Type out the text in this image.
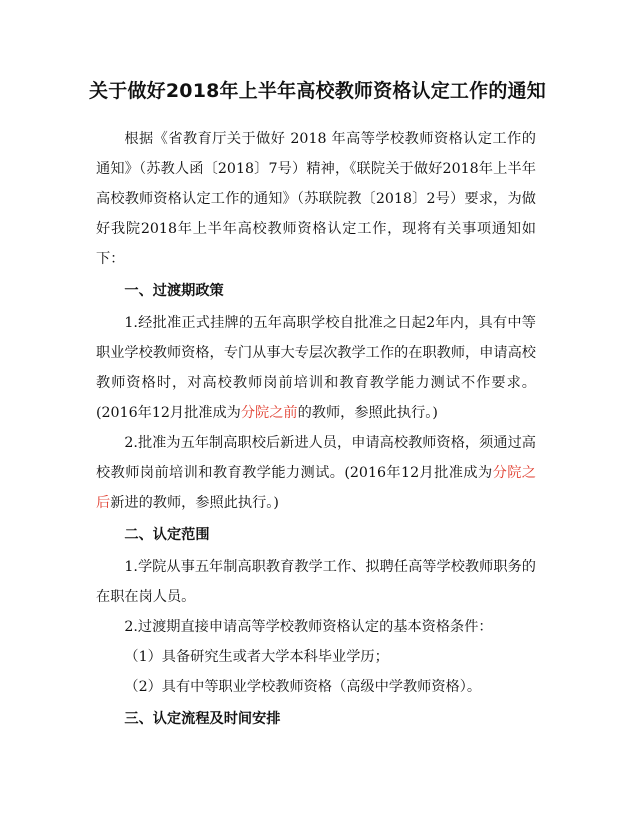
关于做好2018年上半年高校教师资格认定工作的通知

根据《省教育厅关于做好 2018 年高等学校教师资格认定工作的通知》（苏教人函〔2018〕7号）精神，《联院关于做好2018年上半年高校教师资格认定工作的通知》（苏联院教〔2018〕2号）要求，为做好我院2018年上半年高校教师资格认定工作，现将有关事项通知如下：

一、过渡期政策

1.经批准正式挂牌的五年高职学校自批准之日起2年内，具有中等职业学校教师资格，专门从事大专层次教学工作的在职教师，申请高校教师资格时，对高校教师岗前培训和教育教学能力测试不作要求。(2016年12月批准成为分院之前的教师，参照此执行。)

2.批准为五年制高职校后新进人员，申请高校教师资格，须通过高校教师岗前培训和教育教学能力测试。(2016年12月批准成为分院之后新进的教师，参照此执行。)

二、认定范围

1.学院从事五年制高职教育教学工作、拟聘任高等学校教师职务的在职在岗人员。

2.过渡期直接申请高等学校教师资格认定的基本资格条件：

（1）具备研究生或者大学本科毕业学历；

（2）具有中等职业学校教师资格（高级中学教师资格）。

三、认定流程及时间安排
